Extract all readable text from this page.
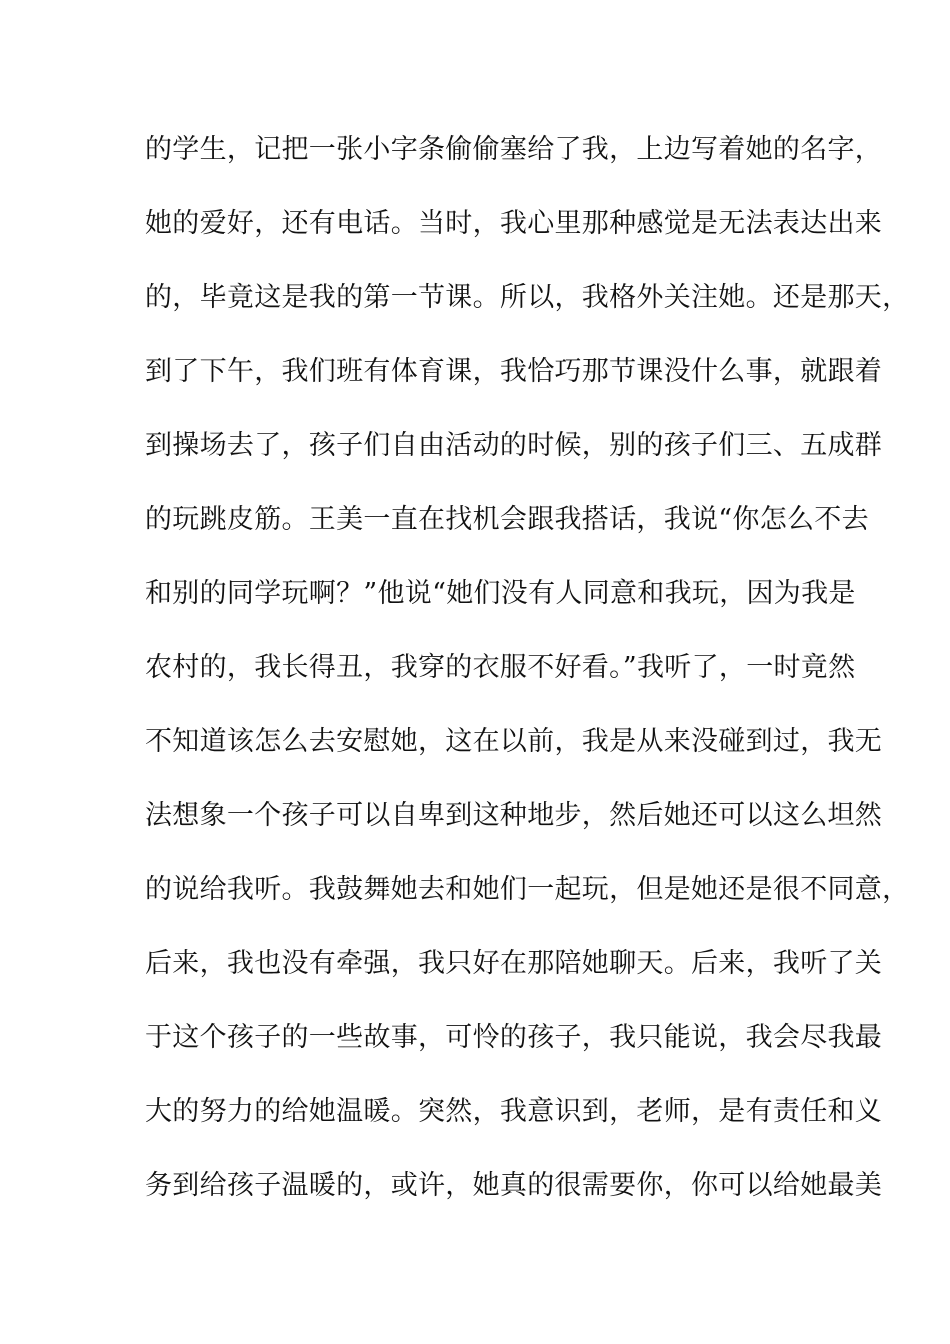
的学生，记把一张小字条偷偷塞给了我，上边写着她的名字，
她的爱好，还有电话。当时，我心里那种感觉是无法表达出来
的，毕竟这是我的第一节课。所以，我格外关注她。还是那天，
到了下午，我们班有体育课，我恰巧那节课没什么事，就跟着
到操场去了，孩子们自由活动的时候，别的孩子们三、五成群
的玩跳皮筋。王美一直在找机会跟我搭话，我说“你怎么不去
和别的同学玩啊？”他说“她们没有人同意和我玩，因为我是
农村的，我长得丑，我穿的衣服不好看。”我听了，一时竟然
不知道该怎么去安慰她，这在以前，我是从来没碰到过，我无
法想象一个孩子可以自卑到这种地步，然后她还可以这么坦然
的说给我听。我鼓舞她去和她们一起玩，但是她还是很不同意，
后来，我也没有牵强，我只好在那陪她聊天。后来，我听了关
于这个孩子的一些故事，可怜的孩子，我只能说，我会尽我最
大的努力的给她温暖。突然，我意识到，老师，是有责任和义
务到给孩子温暖的，或许，她真的很需要你，你可以给她最美
